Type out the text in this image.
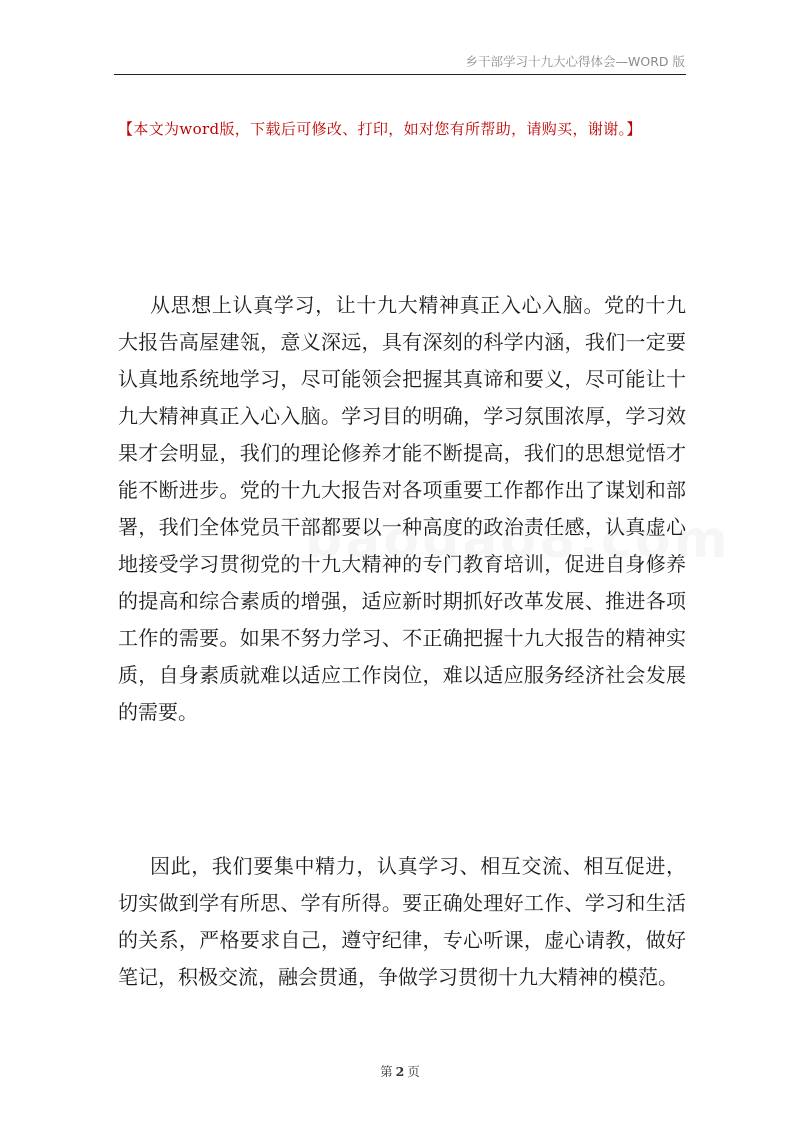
乡干部学习十九大心得体会—WORD 版
【本文为word版，下载后可修改、打印，如对您有所帮助，请购买，谢谢。】

从思想上认真学习，让十九大精神真正入心入脑。党的十九大报告高屋建瓴，意义深远，具有深刻的科学内涵，我们一定要认真地系统地学习，尽可能领会把握其真谛和要义，尽可能让十九大精神真正入心入脑。学习目的明确，学习氛围浓厚，学习效果才会明显，我们的理论修养才能不断提高，我们的思想觉悟才能不断进步。党的十九大报告对各项重要工作都作出了谋划和部署，我们全体党员干部都要以一种高度的政治责任感，认真虚心地接受学习贯彻党的十九大精神的专门教育培训，促进自身修养的提高和综合素质的增强，适应新时期抓好改革发展、推进各项工作的需要。如果不努力学习、不正确把握十九大报告的精神实质，自身素质就难以适应工作岗位，难以适应服务经济社会发展的需要。

因此，我们要集中精力，认真学习、相互交流、相互促进，切实做到学有所思、学有所得。要正确处理好工作、学习和生活的关系，严格要求自己，遵守纪律，专心听课，虚心请教，做好笔记，积极交流，融会贯通，争做学习贯彻十九大精神的模范。

第 2 页
